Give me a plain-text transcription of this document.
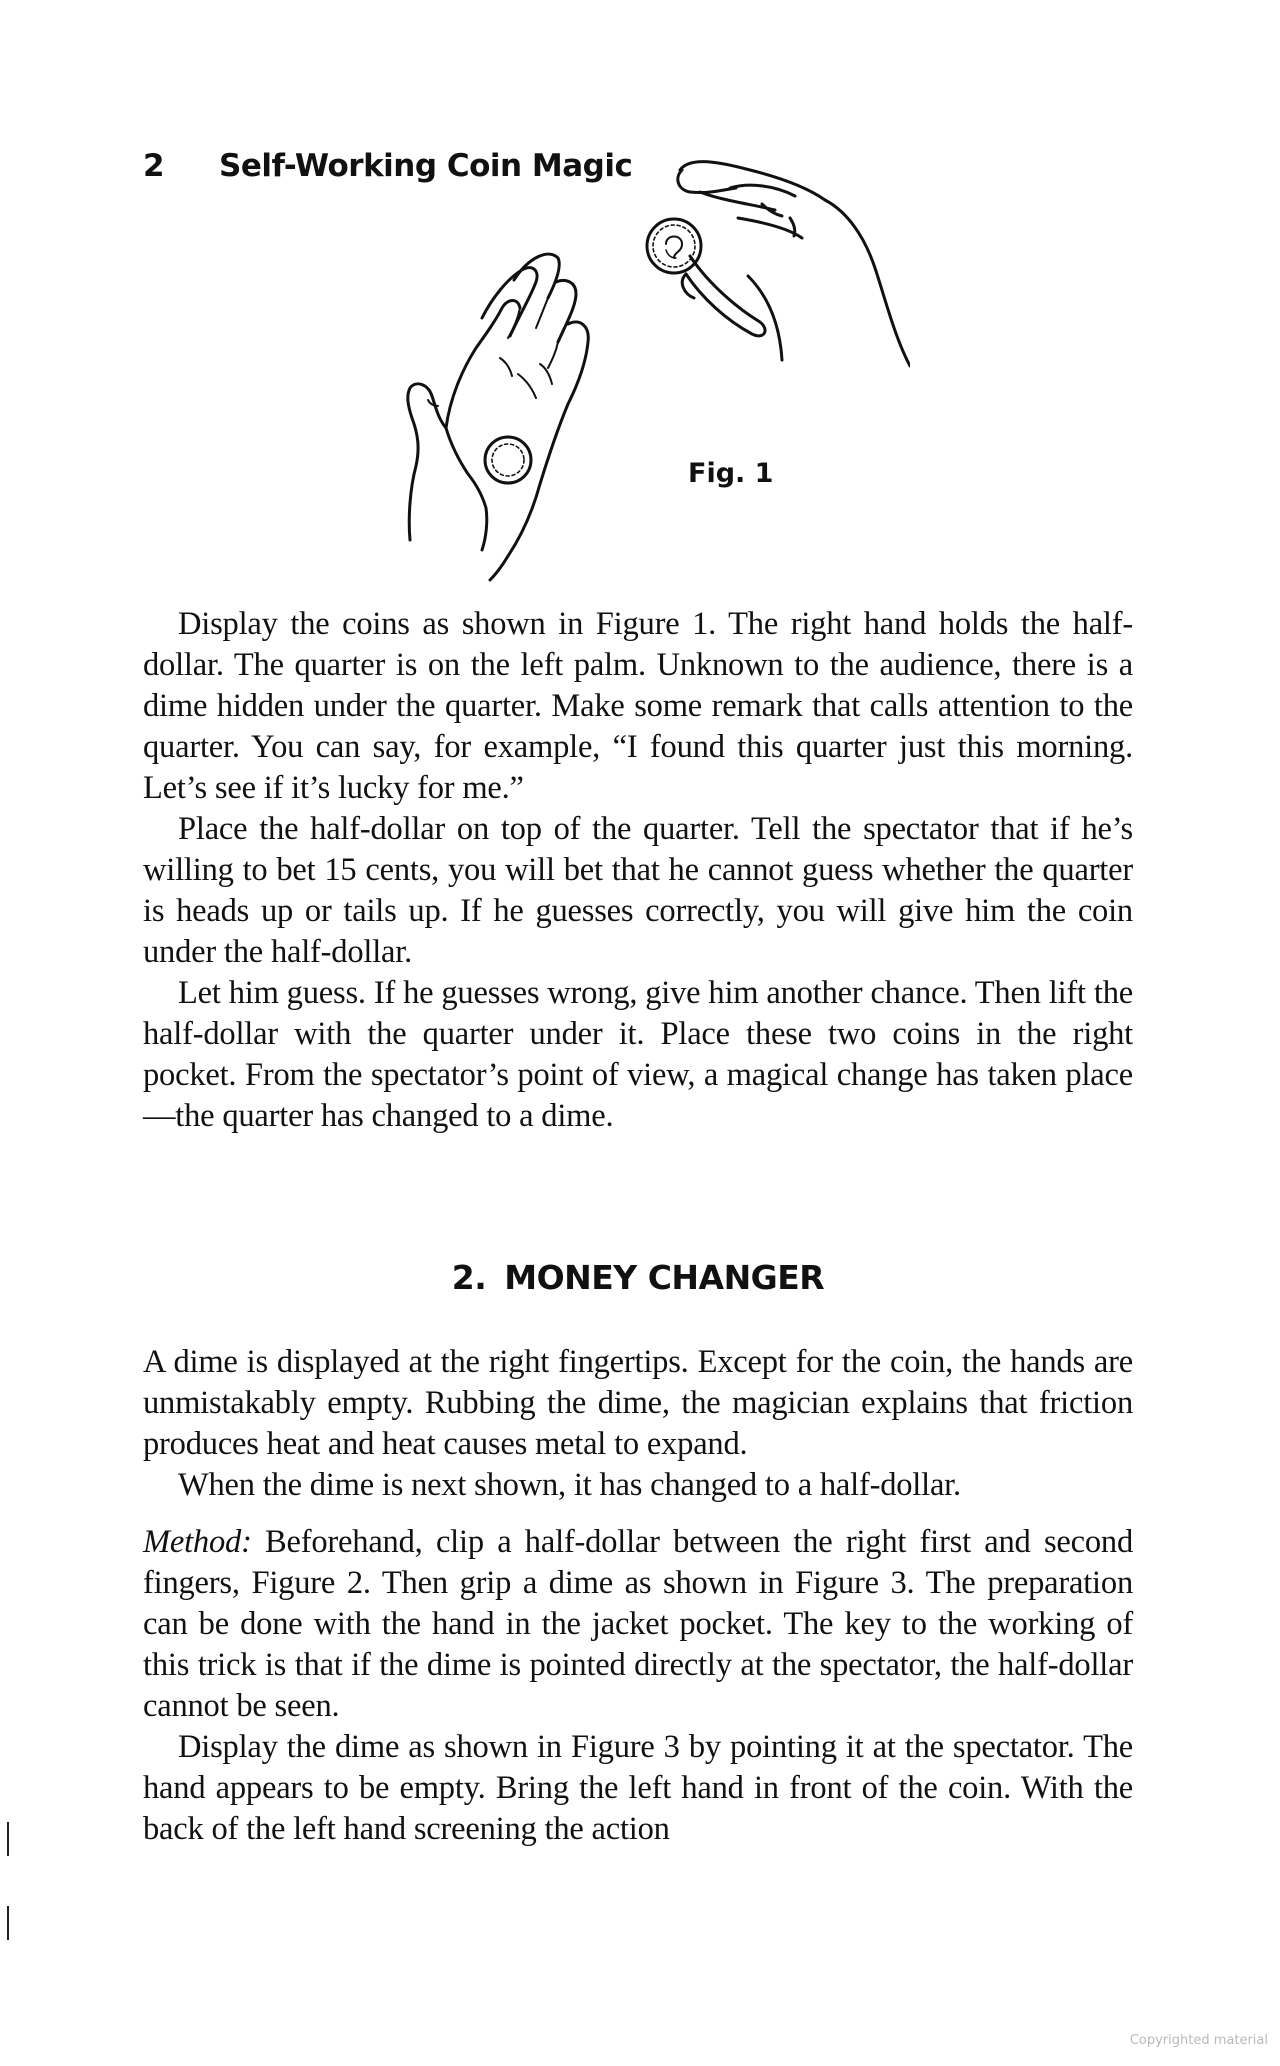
2 Self-Working Coin Magic
Fig. 1

Display the coins as shown in Figure 1. The right hand holds the half-dollar. The quarter is on the left palm. Unknown to the audience, there is a dime hidden under the quarter. Make some remark that calls attention to the quarter. You can say, for example, “I found this quarter just this morning. Let’s see if it’s lucky for me.”

Place the half-dollar on top of the quarter. Tell the spectator that if he’s willing to bet 15 cents, you will bet that he cannot guess whether the quarter is heads up or tails up. If he guesses correctly, you will give him the coin under the half-dollar.

Let him guess. If he guesses wrong, give him another chance. Then lift the half-dollar with the quarter under it. Place these two coins in the right pocket. From the spectator’s point of view, a magical change has taken place—the quarter has changed to a dime.

2. MONEY CHANGER

A dime is displayed at the right fingertips. Except for the coin, the hands are unmistakably empty. Rubbing the dime, the magician explains that friction produces heat and heat causes metal to expand.

When the dime is next shown, it has changed to a half-dollar.

Method: Beforehand, clip a half-dollar between the right first and second fingers, Figure 2. Then grip a dime as shown in Figure 3. The preparation can be done with the hand in the jacket pocket. The key to the working of this trick is that if the dime is pointed directly at the spectator, the half-dollar cannot be seen.

Display the dime as shown in Figure 3 by pointing it at the spectator. The hand appears to be empty. Bring the left hand in front of the coin. With the back of the left hand screening the action

Copyrighted material
